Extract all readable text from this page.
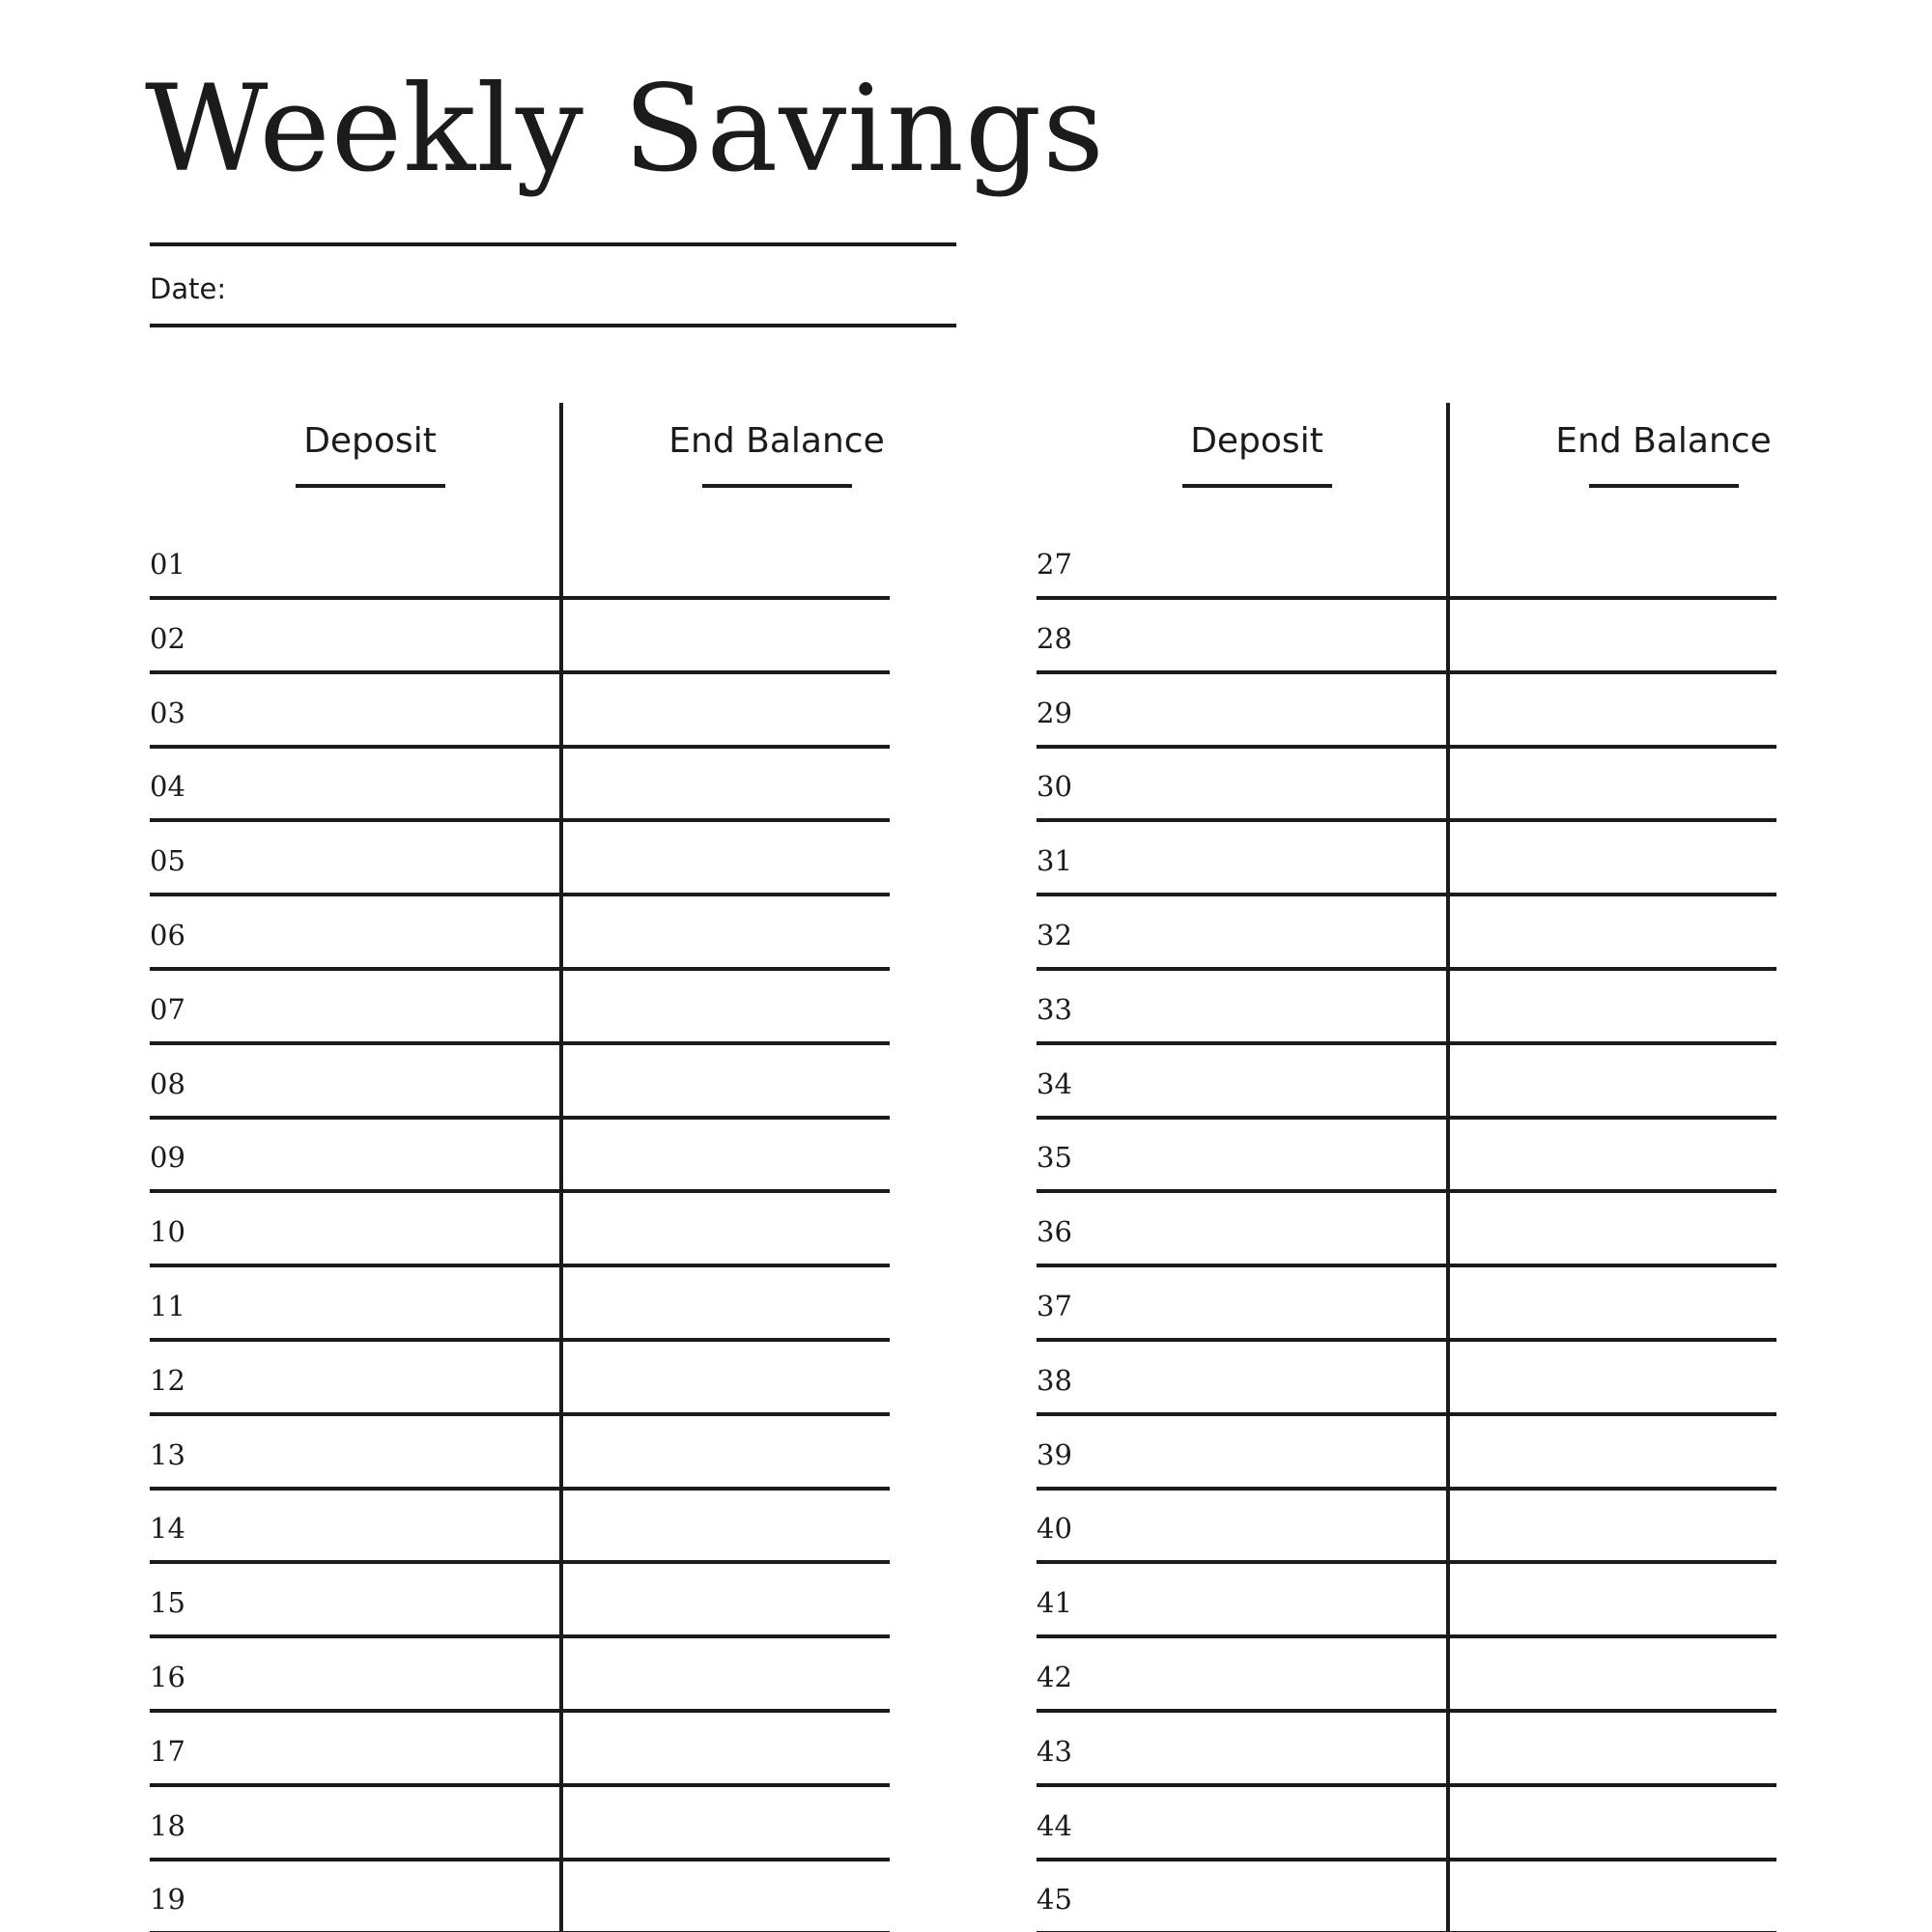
Weekly Savings
Date:
Deposit	End Balance	Deposit	End Balance
01
02
03
04
05
06
07
08
09
10
11
12
13
14
15
16
17
18
19
27
28
29
30
31
32
33
34
35
36
37
38
39
40
41
42
43
44
45
